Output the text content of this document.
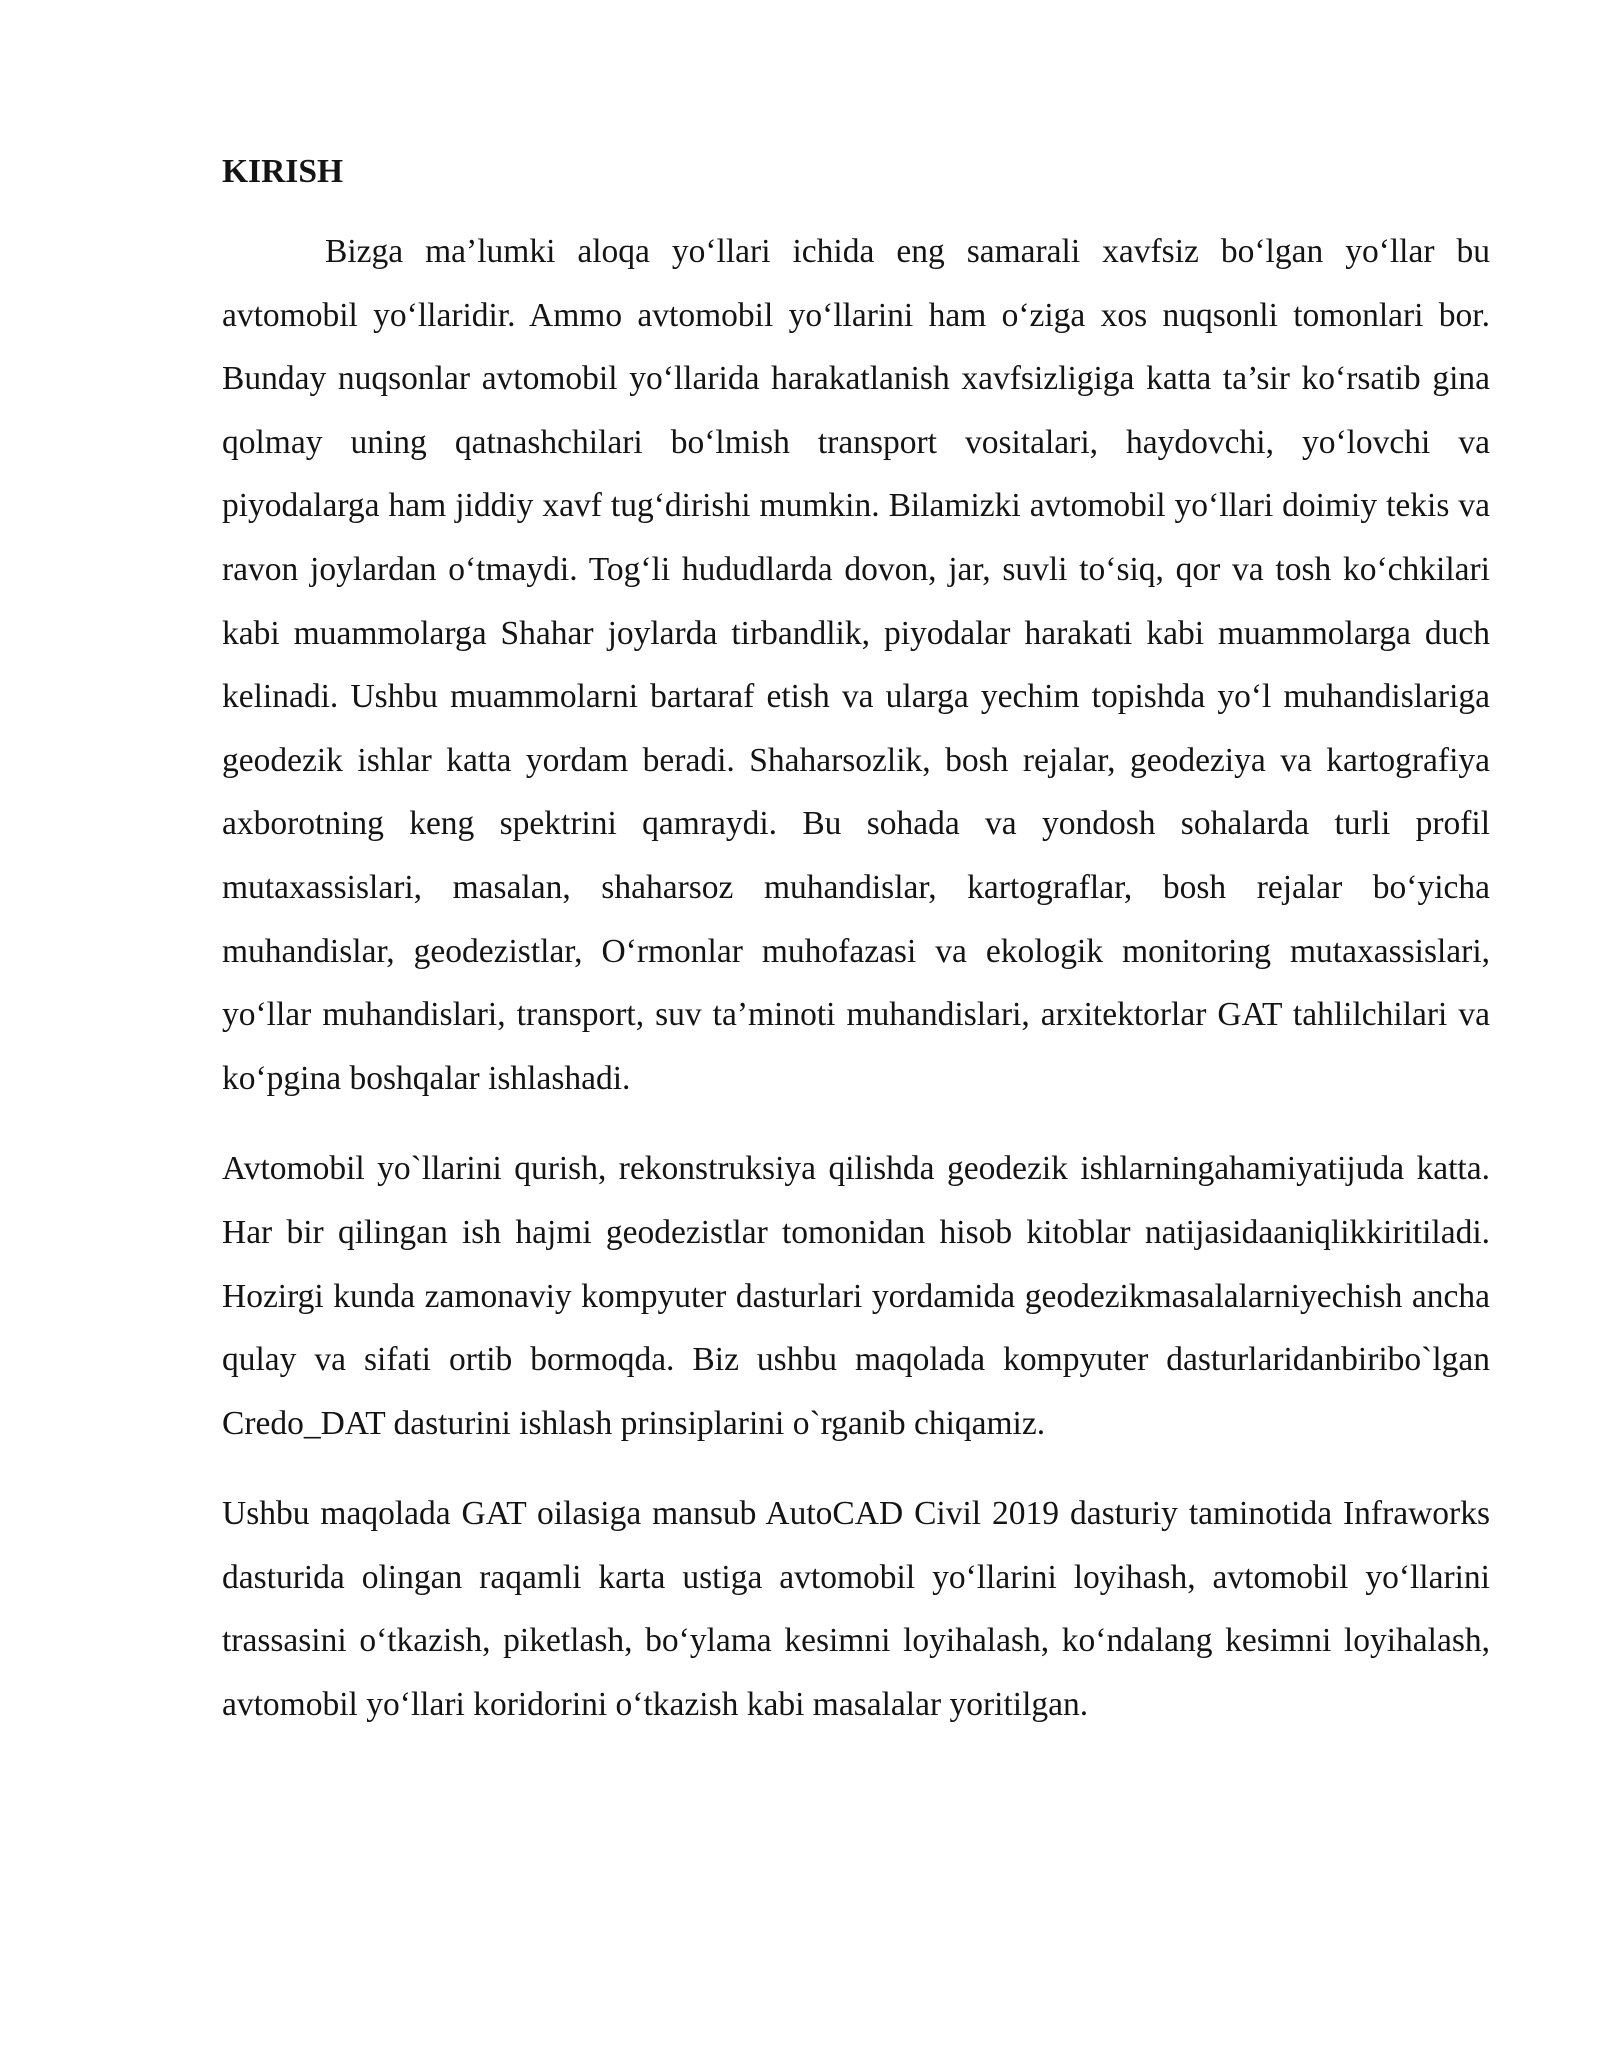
KIRISH

Bizga ma’lumki aloqa yo‘llari ichida eng samarali xavfsiz bo‘lgan yo‘llar bu avtomobil yo‘llaridir. Ammo avtomobil yo‘llarini ham o‘ziga xos nuqsonli tomonlari bor. Bunday nuqsonlar avtomobil yo‘llarida harakatlanish xavfsizligiga katta ta’sir ko‘rsatib gina qolmay uning qatnashchilari bo‘lmish transport vositalari, haydovchi, yo‘lovchi va piyodalarga ham jiddiy xavf tug‘dirishi mumkin. Bilamizki avtomobil yo‘llari doimiy tekis va ravon joylardan o‘tmaydi. Tog‘li hududlarda dovon, jar, suvli to‘siq, qor va tosh ko‘chkilari kabi muammolarga Shahar joylarda tirbandlik, piyodalar harakati kabi muammolarga duch kelinadi. Ushbu muammolarni bartaraf etish va ularga yechim topishda yo‘l muhandislariga geodezik ishlar katta yordam beradi. Shaharsozlik, bosh rejalar, geodeziya va kartografiya axborotning keng spektrini qamraydi. Bu sohada va yondosh sohalarda turli profil mutaxassislari, masalan, shaharsoz muhandislar, kartograflar, bosh rejalar bo‘yicha muhandislar, geodezistlar, O‘rmonlar muhofazasi va ekologik monitoring mutaxassislari, yo‘llar muhandislari, transport, suv ta’minoti muhandislari, arxitektorlar GAT tahlilchilari va ko‘pgina boshqalar ishlashadi.

Avtomobil yo`llarini qurish, rekonstruksiya qilishda geodezik ishlarningahamiyatijuda katta. Har bir qilingan ish hajmi geodezistlar tomonidan hisob kitoblar natijasidaaniqlikkiritiladi. Hozirgi kunda zamonaviy kompyuter dasturlari yordamida geodezikmasalalarniyechish ancha qulay va sifati ortib bormoqda. Biz ushbu maqolada kompyuter dasturlaridanbiribo`lgan Credo_DAT dasturini ishlash prinsiplarini o`rganib chiqamiz.

Ushbu maqolada GAT oilasiga mansub AutoCAD Civil 2019 dasturiy taminotida Infraworks dasturida olingan raqamli karta ustiga avtomobil yo‘llarini loyihash, avtomobil yo‘llarini trassasini o‘tkazish, piketlash, bo‘ylama kesimni loyihalash, ko‘ndalang kesimni loyihalash, avtomobil yo‘llari koridorini o‘tkazish kabi masalalar yoritilgan.
